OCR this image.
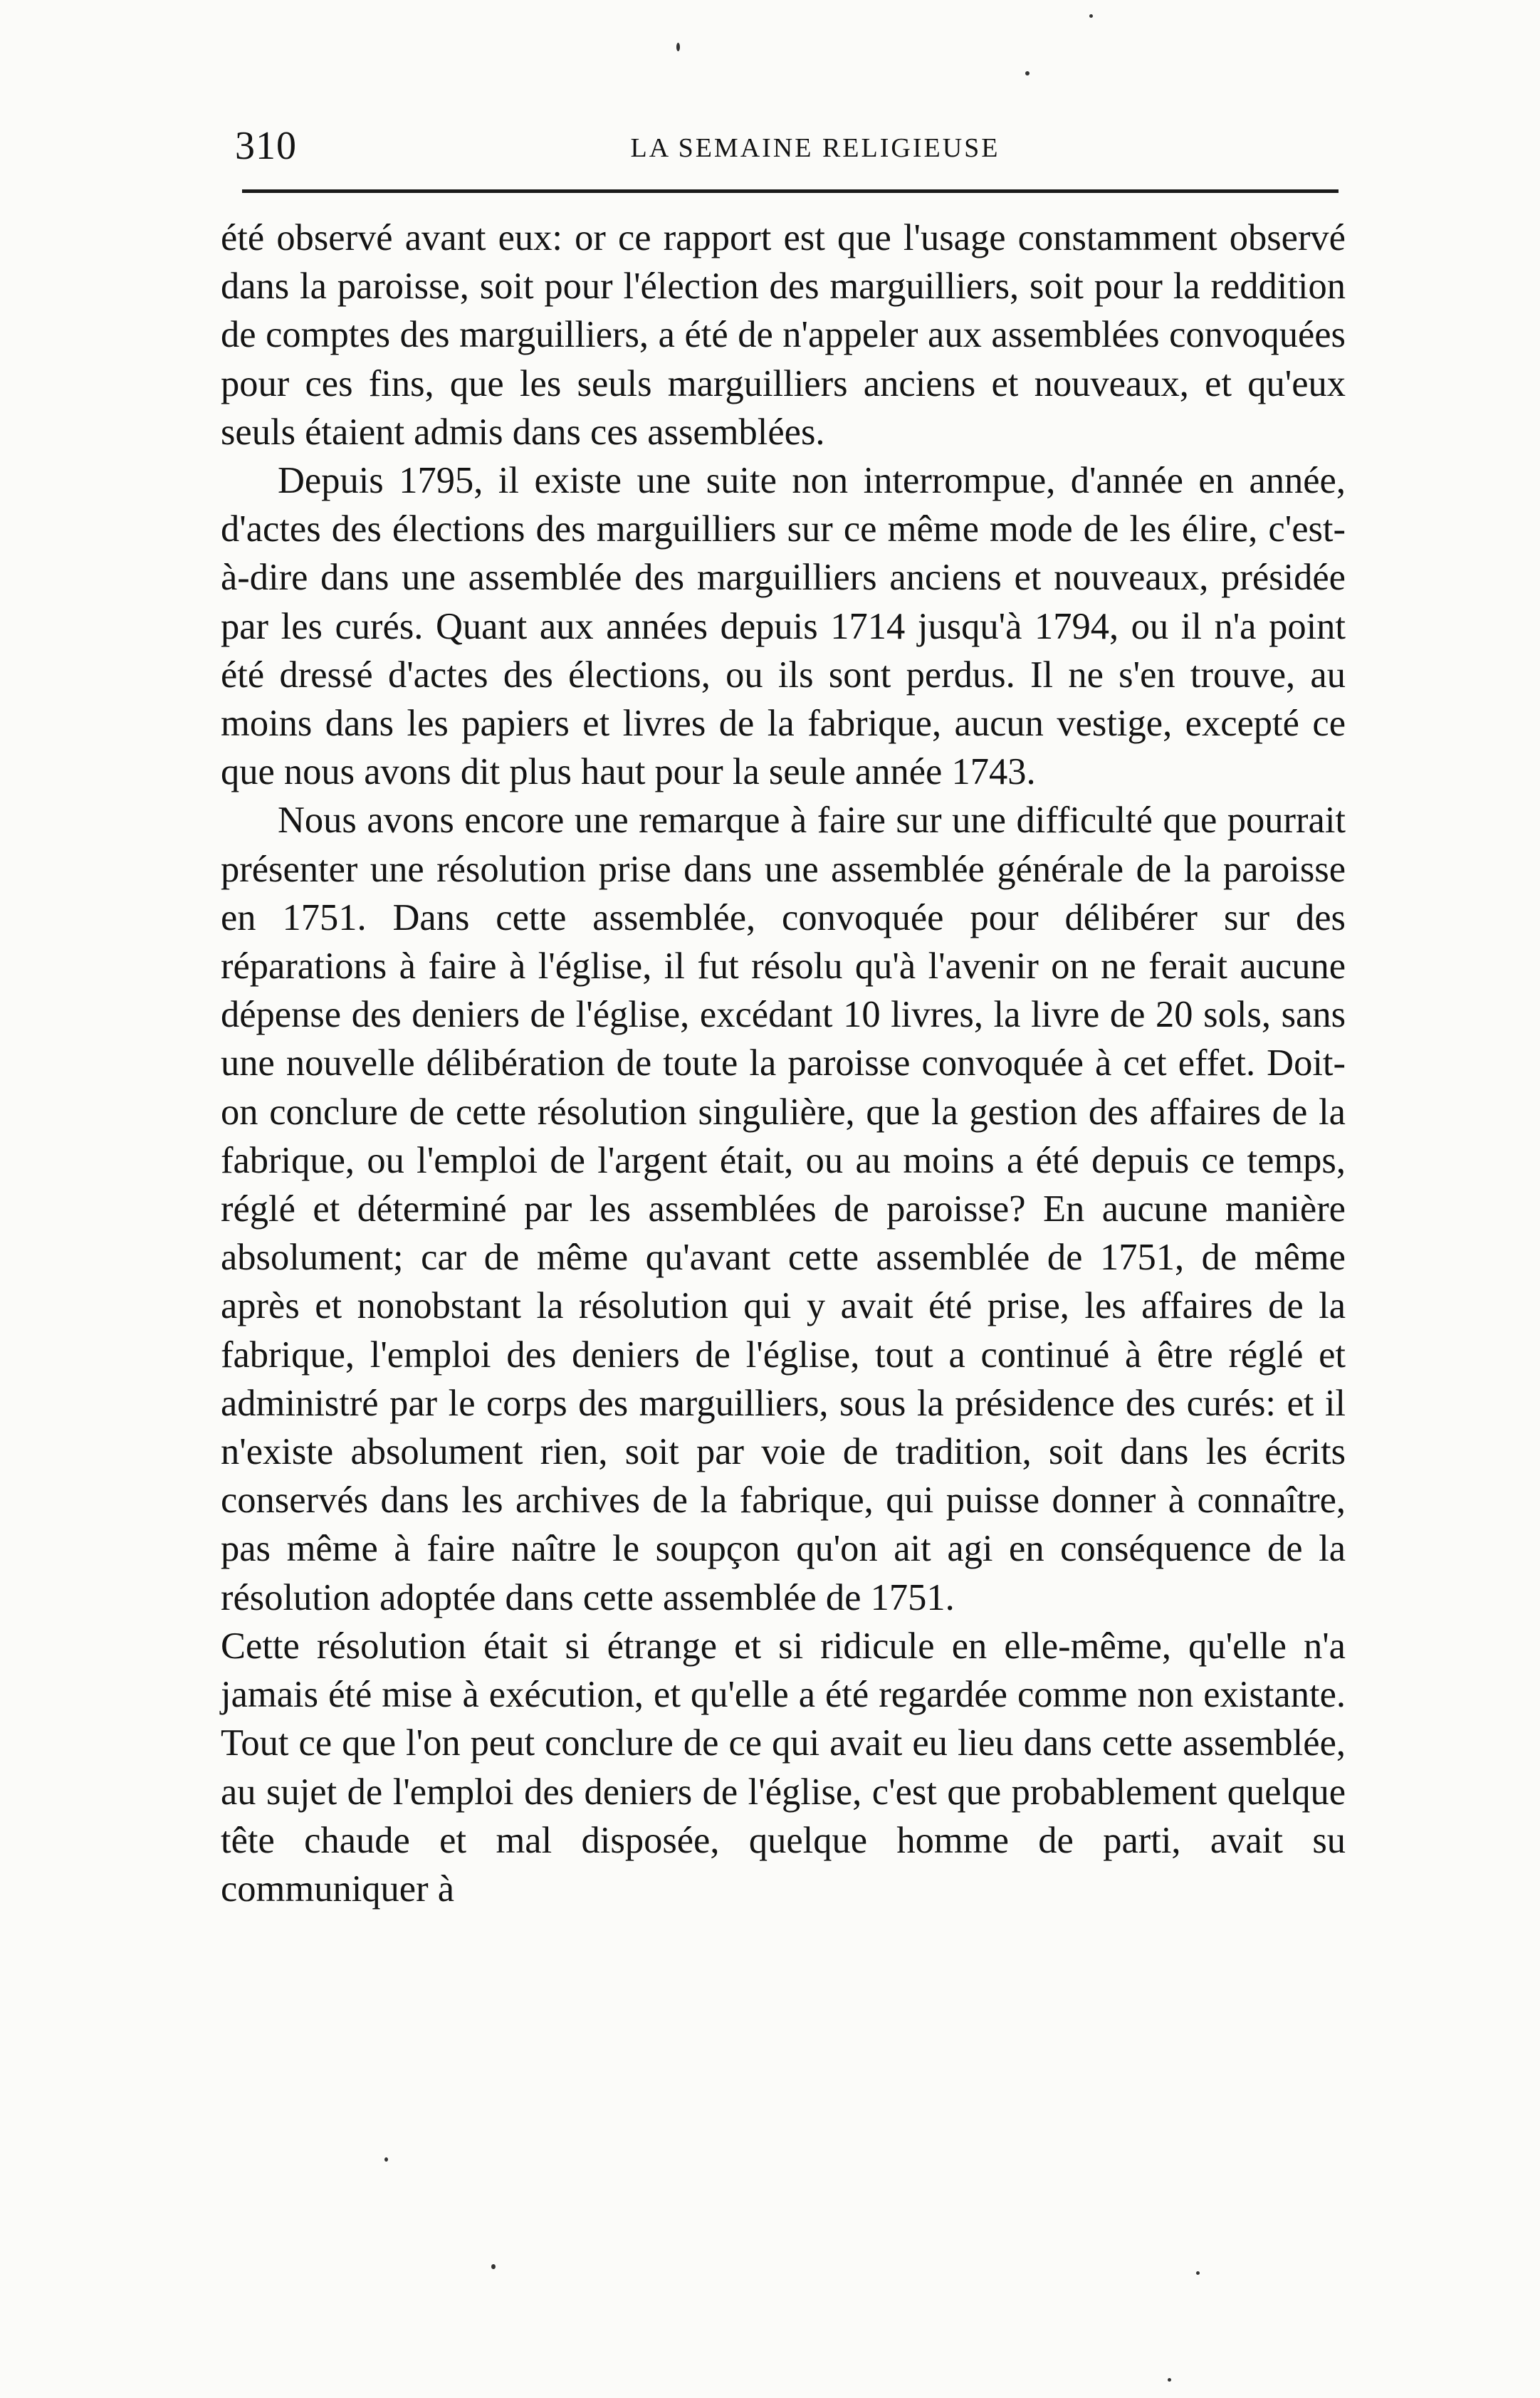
310	LA SEMAINE RELIGIEUSE

été observé avant eux: or ce rapport est que l'usage constamment observé dans la paroisse, soit pour l'élection des marguilliers, soit pour la reddition de comptes des marguilliers, a été de n'appeler aux assemblées convoquées pour ces fins, que les seuls marguilliers anciens et nouveaux, et qu'eux seuls étaient admis dans ces assemblées.

Depuis 1795, il existe une suite non interrompue, d'année en année, d'actes des élections des marguilliers sur ce même mode de les élire, c'est-à-dire dans une assemblée des marguilliers anciens et nouveaux, présidée par les curés. Quant aux années depuis 1714 jusqu'à 1794, ou il n'a point été dressé d'actes des élections, ou ils sont perdus. Il ne s'en trouve, au moins dans les papiers et livres de la fabrique, aucun vestige, excepté ce que nous avons dit plus haut pour la seule année 1743.

Nous avons encore une remarque à faire sur une difficulté que pourrait présenter une résolution prise dans une assemblée générale de la paroisse en 1751. Dans cette assemblée, convoquée pour délibérer sur des réparations à faire à l'église, il fut résolu qu'à l'avenir on ne ferait aucune dépense des deniers de l'église, excédant 10 livres, la livre de 20 sols, sans une nouvelle délibération de toute la paroisse convoquée à cet effet. Doit-on conclure de cette résolution singulière, que la gestion des affaires de la fabrique, ou l'emploi de l'argent était, ou au moins a été depuis ce temps, réglé et déterminé par les assemblées de paroisse? En aucune manière absolument; car de même qu'avant cette assemblée de 1751, de même après et nonobstant la résolution qui y avait été prise, les affaires de la fabrique, l'emploi des deniers de l'église, tout a continué à être réglé et administré par le corps des marguilliers, sous la présidence des curés: et il n'existe absolument rien, soit par voie de tradition, soit dans les écrits conservés dans les archives de la fabrique, qui puisse donner à connaître, pas même à faire naître le soupçon qu'on ait agi en conséquence de la résolution adoptée dans cette assemblée de 1751.

Cette résolution était si étrange et si ridicule en elle-même, qu'elle n'a jamais été mise à exécution, et qu'elle a été regardée comme non existante. Tout ce que l'on peut conclure de ce qui avait eu lieu dans cette assemblée, au sujet de l'emploi des deniers de l'église, c'est que probablement quelque tête chaude et mal disposée, quelque homme de parti, avait su communiquer à
